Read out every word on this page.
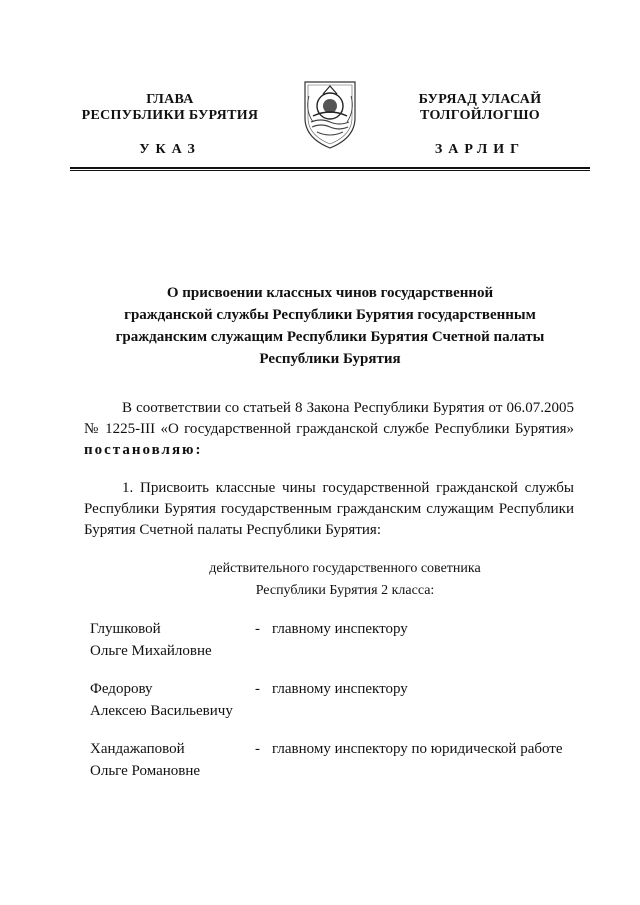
ГЛАВА
РЕСПУБЛИКИ БУРЯТИЯ
БУРЯАД УЛАСАЙ
ТОЛГОЙЛОГШО
УКАЗ	ЗАРЛИГ
О присвоении классных чинов государственной
гражданской службы Республики Бурятия государственным
гражданским служащим Республики Бурятия Счетной палаты
Республики Бурятия
В соответствии со статьей 8 Закона Республики Бурятия от 06.07.2005 № 1225-III «О государственной гражданской службе Республики Бурятия» постановляю:
1. Присвоить классные чины государственной гражданской службы Республики Бурятия государственным гражданским служащим Республики Бурятия Счетной палаты Республики Бурятия:
действительного государственного советника
Республики Бурятия 2 класса:
Глушковой
Ольге Михайловне
- главному инспектору
Федорову
Алексею Васильевичу
- главному инспектору
Хандажаповой
Ольге Романовне
- главному инспектору по юридической работе
